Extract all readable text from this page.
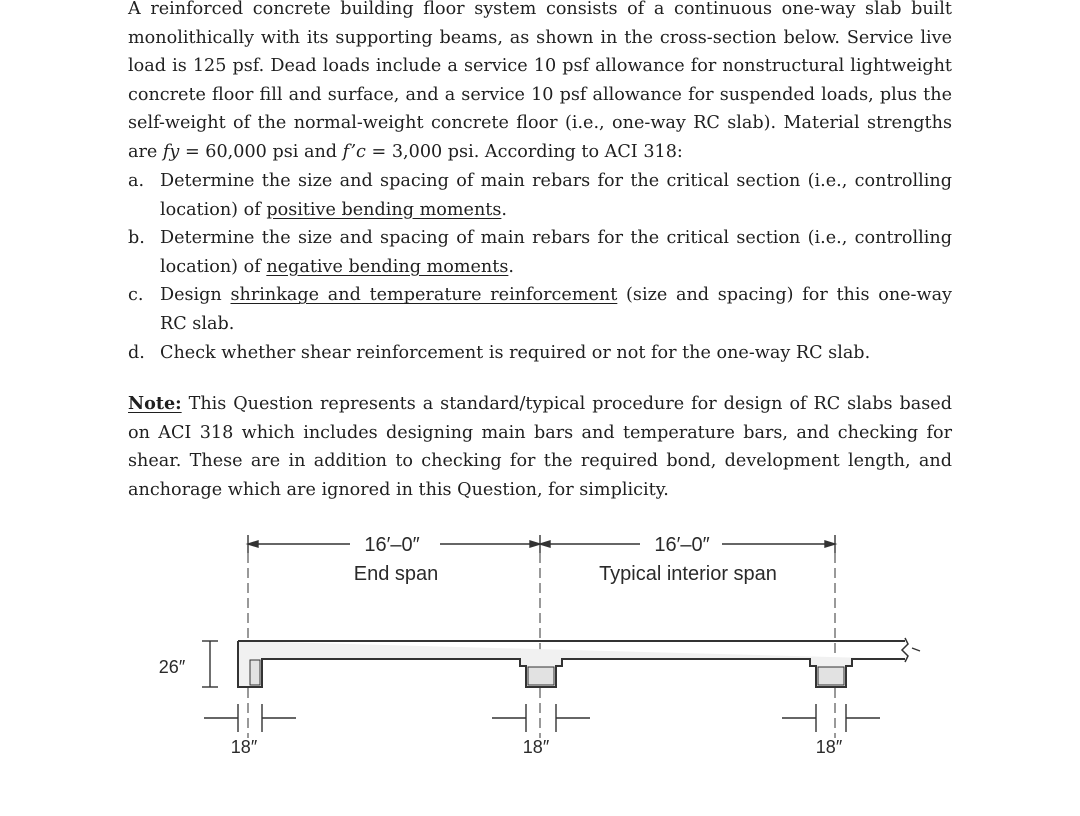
A reinforced concrete building floor system consists of a continuous one-way slab built monolithically with its supporting beams, as shown in the cross-section below. Service live load is 125 psf. Dead loads include a service 10 psf allowance for nonstructural lightweight concrete floor fill and surface, and a service 10 psf allowance for suspended loads, plus the self-weight of the normal-weight concrete floor (i.e., one-way RC slab). Material strengths are fy = 60,000 psi and f’c = 3,000 psi. According to ACI 318:
a. Determine the size and spacing of main rebars for the critical section (i.e., controlling location) of positive bending moments.
b. Determine the size and spacing of main rebars for the critical section (i.e., controlling location) of negative bending moments.
c. Design shrinkage and temperature reinforcement (size and spacing) for this one-way RC slab.
d. Check whether shear reinforcement is required or not for the one-way RC slab.
Note: This Question represents a standard/typical procedure for design of RC slabs based on ACI 318 which includes designing main bars and temperature bars, and checking for shear. These are in addition to checking for the required bond, development length, and anchorage which are ignored in this Question, for simplicity.
16′–0″
End span
16′–0″
Typical interior span
26″
18″	18″	18″
